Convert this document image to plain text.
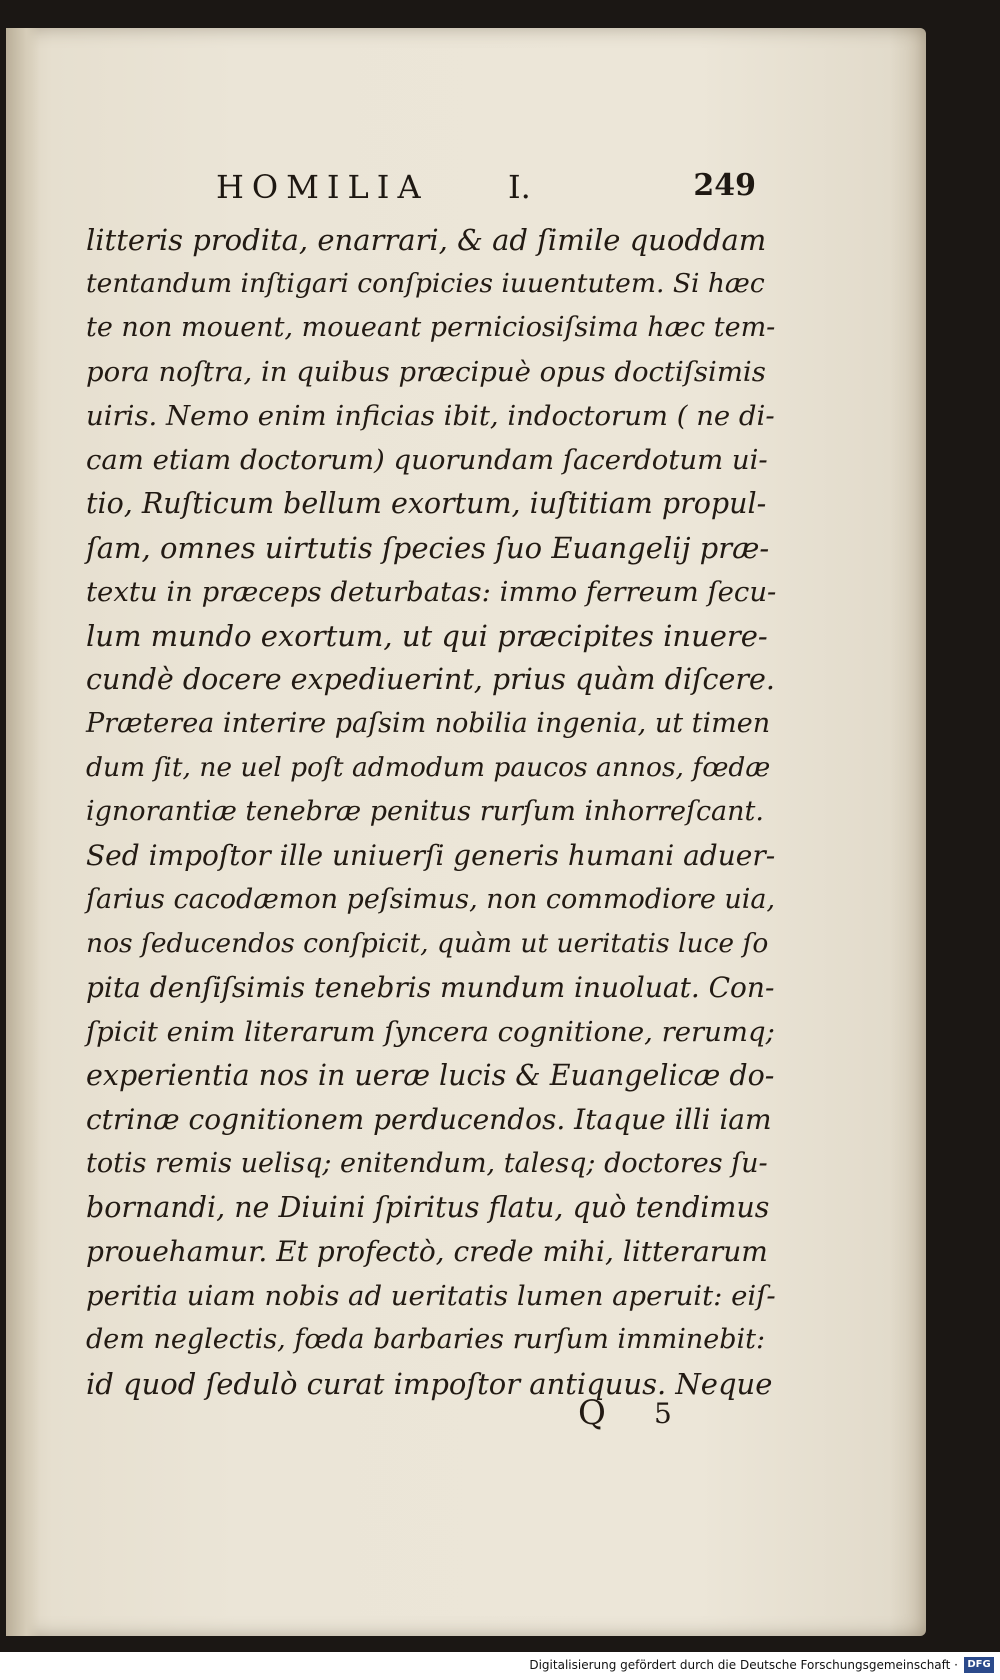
HOMILIA I.	249
litteris prodita, enarrari, & ad ſimile quoddam
tentandum inſtigari conſpicies iuuentutem. Si hæc
te non mouent, moueant perniciosiſsima hæc tem-
pora noſtra, in quibus præcipuè opus doctiſsimis
uiris. Nemo enim inficias ibit, indoctorum ( ne di-
cam etiam doctorum) quorundam ſacerdotum ui-
tio, Ruſticum bellum exortum, iuſtitiam propul-
ſam, omnes uirtutis ſpecies ſuo Euangelij præ-
textu in præceps deturbatas: immo ferreum ſecu-
lum mundo exortum, ut qui præcipites inuere-
cundè docere expediuerint, prius quàm diſcere.
Præterea interire paſsim nobilia ingenia, ut timen
dum ſit, ne uel poſt admodum paucos annos, fœdæ
ignorantiæ tenebræ penitus rurſum inhorreſcant.
Sed impoſtor ille uniuerſi generis humani aduer-
ſarius cacodæmon peſsimus, non commodiore uia,
nos ſeducendos conſpicit, quàm ut ueritatis luce ſo
pita denſiſsimis tenebris mundum inuoluat. Con-
ſpicit enim literarum ſyncera cognitione, rerumq;
experientia nos in ueræ lucis & Euangelicæ do-
ctrinæ cognitionem perducendos. Itaque illi iam
totis remis uelisq; enitendum, talesq; doctores ſu-
bornandi, ne Diuini ſpiritus flatu, quò tendimus
prouehamur. Et profectò, crede mihi, litterarum
peritia uiam nobis ad ueritatis lumen aperuit: eiſ-
dem neglectis, fœda barbaries rurſum imminebit:
id quod ſedulò curat impoſtor antiquus. Neque
Q 5
Digitalisierung gefördert durch die Deutsche Forschungsgemeinschaft · DFG
